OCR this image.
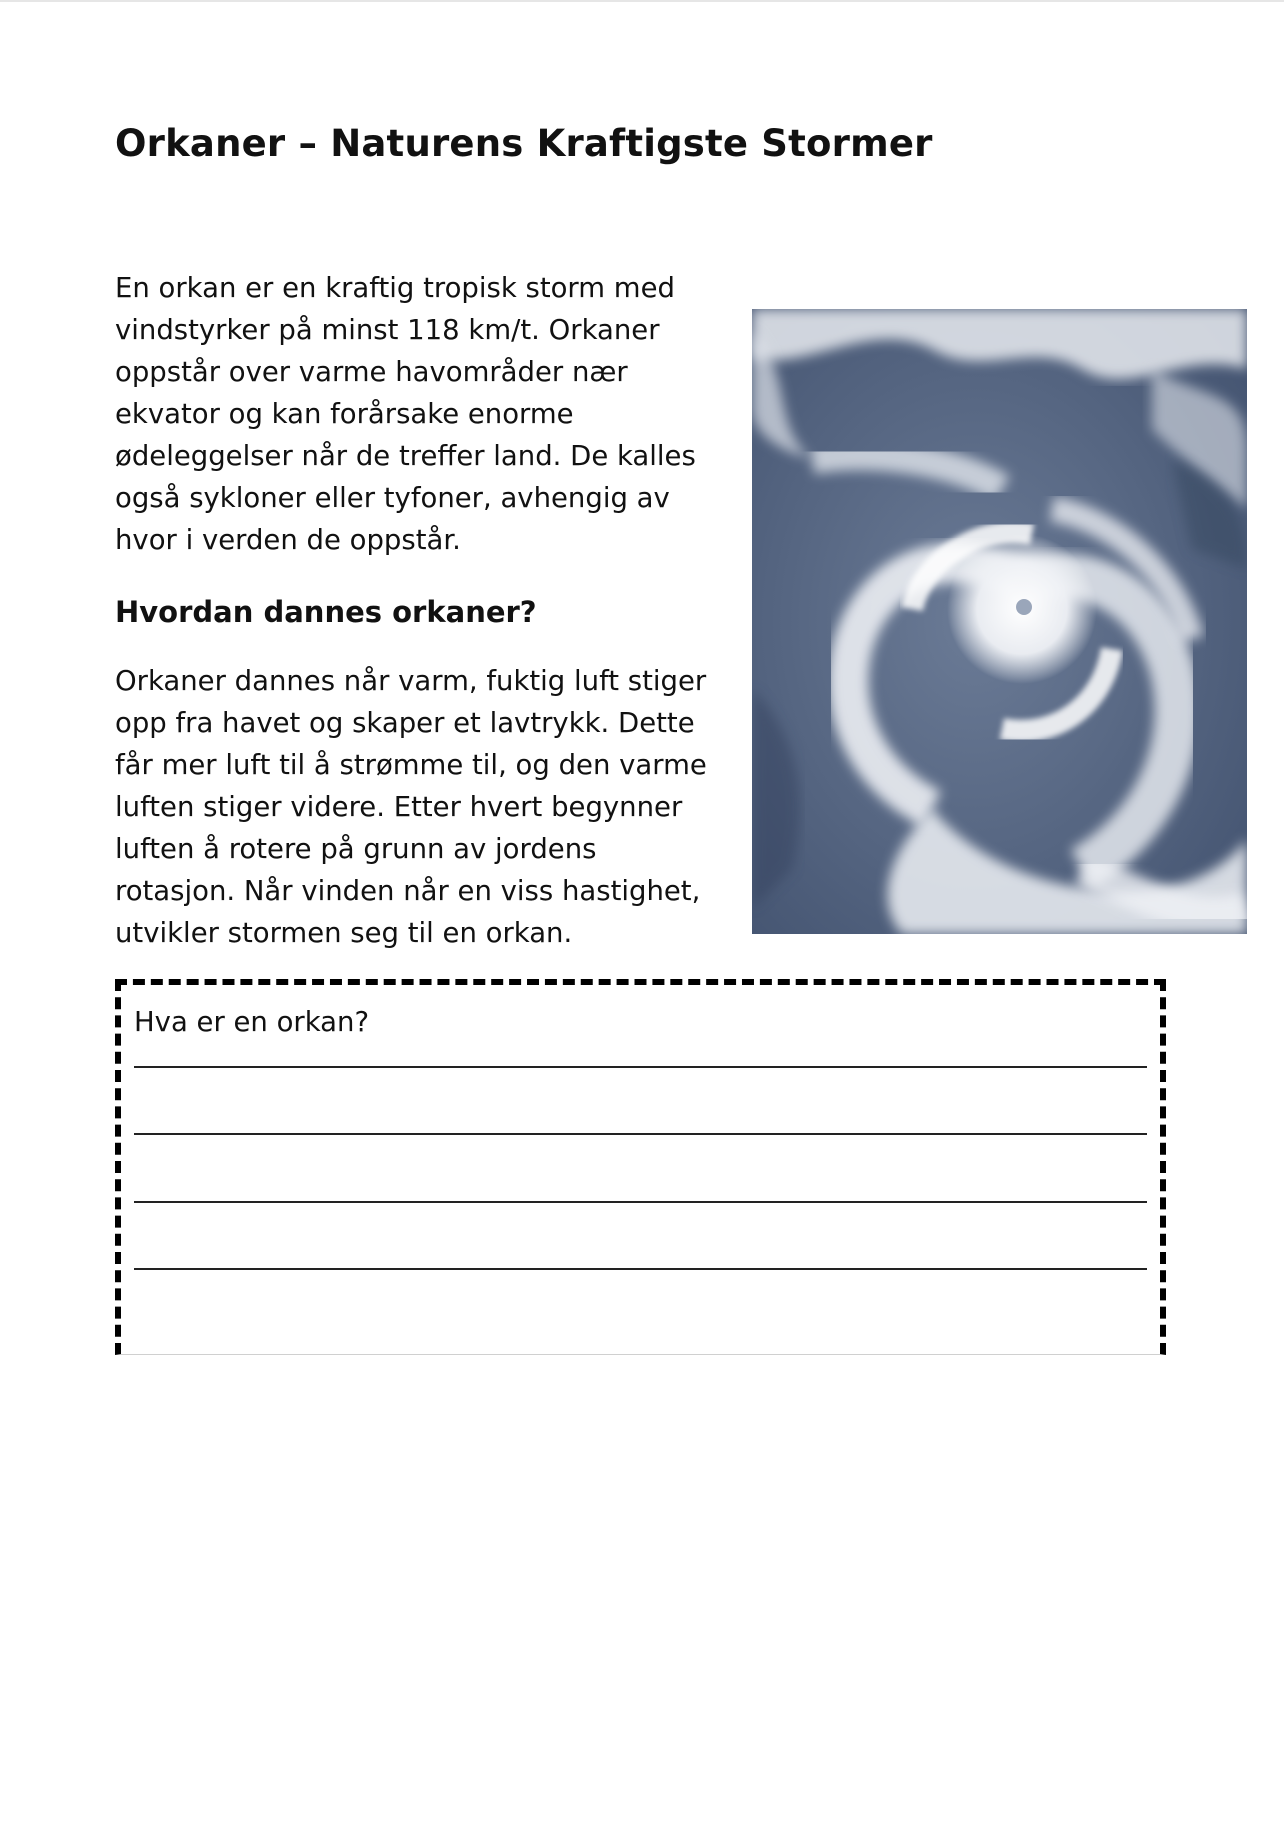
Orkaner – Naturens Kraftigste Stormer

En orkan er en kraftig tropisk storm med vindstyrker på minst 118 km/t. Orkaner oppstår over varme havområder nær ekvator og kan forårsake enorme ødeleggelser når de treffer land. De kalles også sykloner eller tyfoner, avhengig av hvor i verden de oppstår.

Hvordan dannes orkaner?

Orkaner dannes når varm, fuktig luft stiger opp fra havet og skaper et lavtrykk. Dette får mer luft til å strømme til, og den varme luften stiger videre. Etter hvert begynner luften å rotere på grunn av jordens rotasjon. Når vinden når en viss hastighet, utvikler stormen seg til en orkan.

Hva er en orkan?
